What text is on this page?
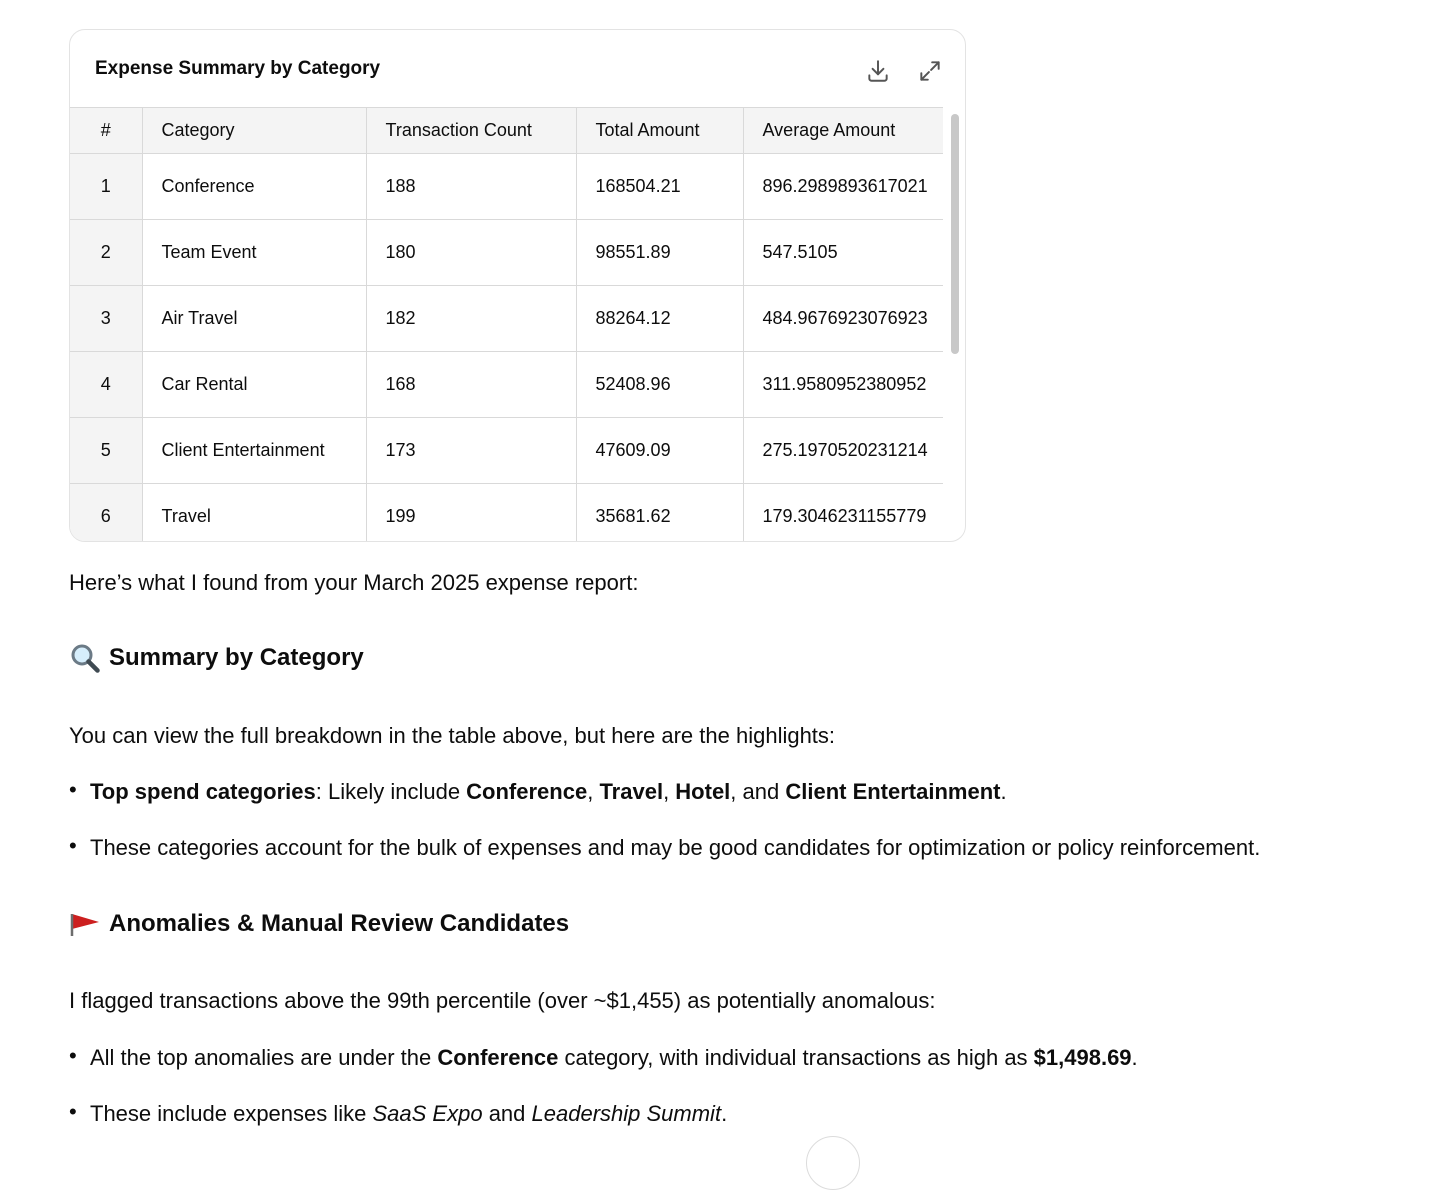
Expense Summary by Category
#	Category	Transaction Count	Total Amount	Average Amount
1	Conference	188	168504.21	896.2989893617021
2	Team Event	180	98551.89	547.5105
3	Air Travel	182	88264.12	484.9676923076923
4	Car Rental	168	52408.96	311.9580952380952
5	Client Entertainment	173	47609.09	275.1970520231214
6	Travel	199	35681.62	179.3046231155779
Here’s what I found from your March 2025 expense report:
Summary by Category
You can view the full breakdown in the table above, but here are the highlights:
• Top spend categories: Likely include Conference, Travel, Hotel, and Client Entertainment.
• These categories account for the bulk of expenses and may be good candidates for optimization or policy reinforcement.
Anomalies & Manual Review Candidates
I flagged transactions above the 99th percentile (over ~$1,455) as potentially anomalous:
• All the top anomalies are under the Conference category, with individual transactions as high as $1,498.69.
• These include expenses like SaaS Expo and Leadership Summit.
